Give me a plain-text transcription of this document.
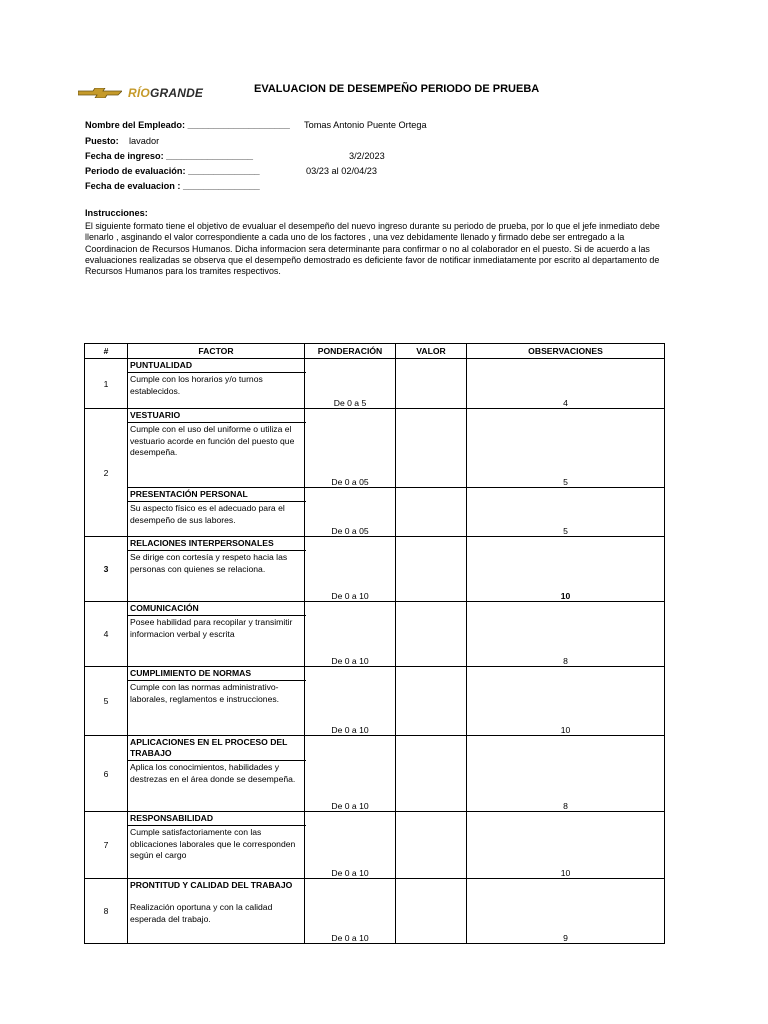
RÍOGRANDE	EVALUACION DE DESEMPEÑO PERIODO DE PRUEBA
Nombre del Empleado: ____________________ Tomas Antonio Puente Ortega
Puesto: lavador
Fecha de ingreso: _________________	3/2/2023
Periodo de evaluación: ______________	03/23 al 02/04/23
Fecha de evaluacion : _______________
Instrucciones:
El siguiente formato tiene el objetivo de evualuar el desempeño del nuevo ingreso durante su periodo de prueba, por lo que el jefe inmediato debe llenarlo , asginando el valor correspondiente a cada uno de los factores , una vez debidamente llenado y firmado debe ser entregado a la Coordinacion de Recursos Humanos. Dicha informacion sera determinante para confirmar o no al colaborador en el puesto. Si de acuerdo a las evaluaciones realizadas se observa que el desempeño demostrado es deficiente favor de notificar inmediatamente por escrito al departamento de Recursos Humanos para los tramites respectivos.
#	FACTOR	PONDERACIÓN	VALOR	OBSERVACIONES
1	PUNTUALIDAD
Cumple con los horarios y/o turnos establecidos.	De 0 a 5		4
2	VESTUARIO
Cumple con el uso del uniforme o utiliza el vestuario acorde en función del puesto que desempeña.	De 0 a 05		5

	PRESENTACIÓN PERSONAL
Su aspecto físico es el adecuado para el desempeño de sus labores.	De 0 a 05		5
3	RELACIONES INTERPERSONALES
Se dirige con cortesía y respeto hacia las personas con quienes se relaciona.	De 0 a 10		10
4	COMUNICACIÓN
Posee habilidad para recopilar y transimitir informacion verbal y escrita	De 0 a 10		8
5	CUMPLIMIENTO DE NORMAS
Cumple con las normas administrativo-laborales, reglamentos e instrucciones.	De 0 a 10		10
6	APLICACIONES EN EL PROCESO DEL TRABAJO
Aplica los conocimientos, habilidades y destrezas en el área donde se desempeña.	De 0 a 10		8
7	RESPONSABILIDAD
Cumple satisfactoriamente con las oblicaciones laborales que le corresponden según el cargo	De 0 a 10		10
8	PRONTITUD Y CALIDAD DEL TRABAJO
Realización oportuna y con la calidad esperada del trabajo.	De 0 a 10		9
